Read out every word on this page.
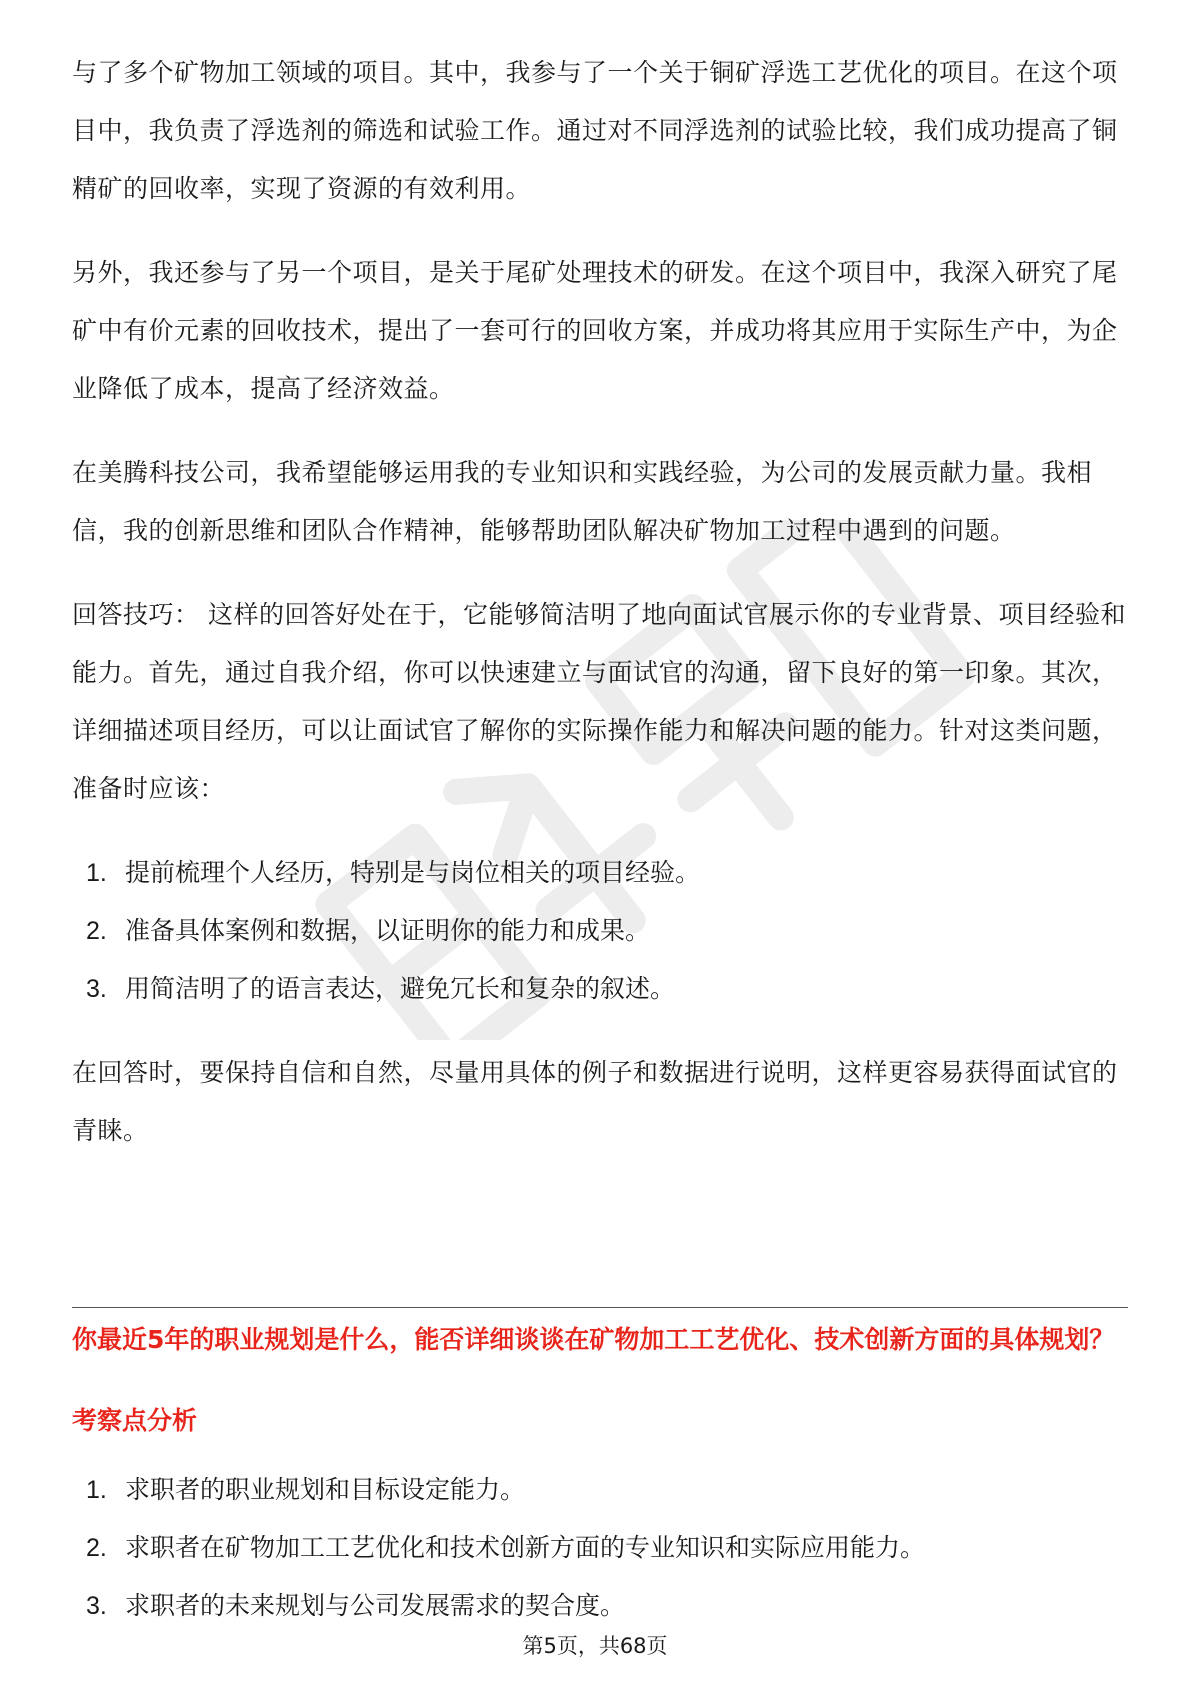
与了多个矿物加工领域的项目。其中，我参与了一个关于铜矿浮选工艺优化的项目。在这个项目中，我负责了浮选剂的筛选和试验工作。通过对不同浮选剂的试验比较，我们成功提高了铜精矿的回收率，实现了资源的有效利用。

另外，我还参与了另一个项目，是关于尾矿处理技术的研发。在这个项目中，我深入研究了尾矿中有价元素的回收技术，提出了一套可行的回收方案，并成功将其应用于实际生产中，为企业降低了成本，提高了经济效益。

在美腾科技公司，我希望能够运用我的专业知识和实践经验，为公司的发展贡献力量。我相信，我的创新思维和团队合作精神，能够帮助团队解决矿物加工过程中遇到的问题。

回答技巧： 这样的回答好处在于，它能够简洁明了地向面试官展示你的专业背景、项目经验和能力。首先，通过自我介绍，你可以快速建立与面试官的沟通，留下良好的第一印象。其次，详细描述项目经历，可以让面试官了解你的实际操作能力和解决问题的能力。针对这类问题，准备时应该：

1. 提前梳理个人经历，特别是与岗位相关的项目经验。
2. 准备具体案例和数据，以证明你的能力和成果。
3. 用简洁明了的语言表达，避免冗长和复杂的叙述。

在回答时，要保持自信和自然，尽量用具体的例子和数据进行说明，这样更容易获得面试官的青睐。

你最近5年的职业规划是什么，能否详细谈谈在矿物加工工艺优化、技术创新方面的具体规划？
考察点分析
1. 求职者的职业规划和目标设定能力。
2. 求职者在矿物加工工艺优化和技术创新方面的专业知识和实际应用能力。
3. 求职者的未来规划与公司发展需求的契合度。
第5页，共68页
